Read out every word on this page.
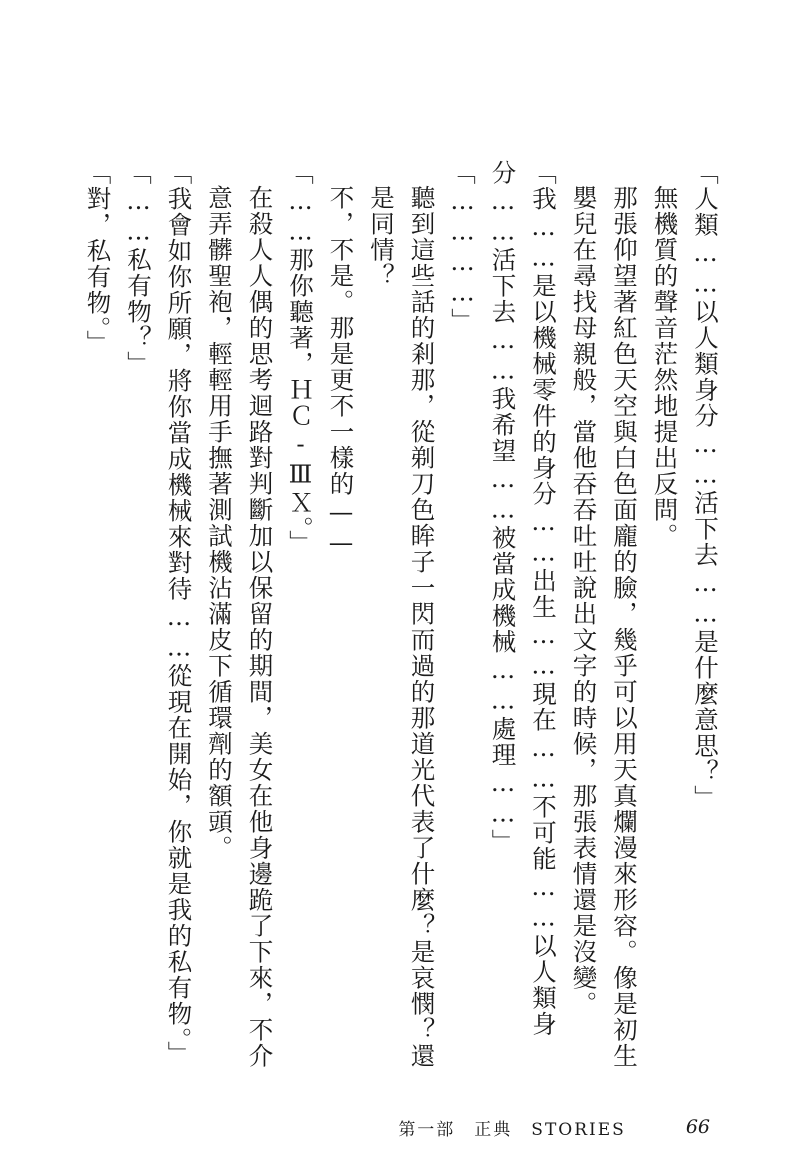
「人類……以人類身分……活下去……是什麼意思？」

無機質的聲音茫然地提出反問。

那張仰望著紅色天空與白色面龐的臉，幾乎可以用天真爛漫來形容。像是初生嬰兒在尋找母親般，當他吞吞吐吐說出文字的時候，那張表情還是沒變。

「我……是以機械零件的身分……出生……現在……不可能……以人類身分……活下去……我希望……被當成機械……處理……」

「…………」

聽到這些話的剎那，從剃刀色眸子一閃而過的那道光代表了什麼？是哀憫？還是同情？

不，不是。那是更不一樣的——

「……那你聽著，ＨＣ-ⅢＸ。」

在殺人人偶的思考迴路對判斷加以保留的期間，美女在他身邊跪了下來，不介意弄髒聖袍，輕輕用手撫著測試機沾滿皮下循環劑的額頭。

「我會如你所願，將你當成機械來對待……從現在開始，你就是我的私有物。」

「……私有物？」

「對，私有物。」

第一部　正典　STORIES	66
